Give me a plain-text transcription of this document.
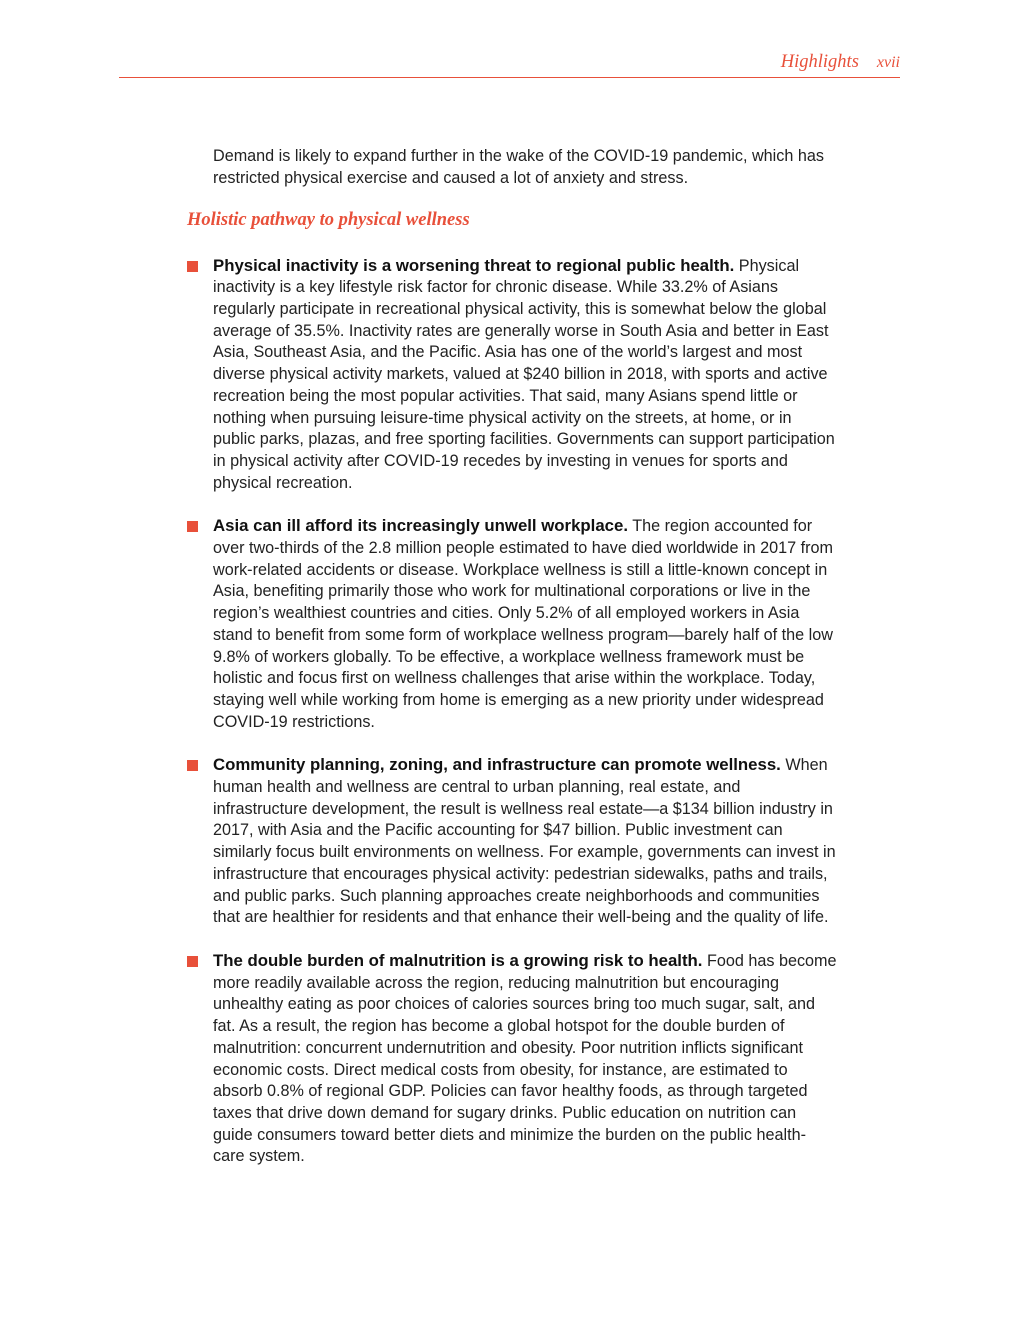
Highlights xvii

Demand is likely to expand further in the wake of the COVID-19 pandemic, which has restricted physical exercise and caused a lot of anxiety and stress.

Holistic pathway to physical wellness

Physical inactivity is a worsening threat to regional public health. Physical inactivity is a key lifestyle risk factor for chronic disease. While 33.2% of Asians regularly participate in recreational physical activity, this is somewhat below the global average of 35.5%. Inactivity rates are generally worse in South Asia and better in East Asia, Southeast Asia, and the Pacific. Asia has one of the world’s largest and most diverse physical activity markets, valued at $240 billion in 2018, with sports and active recreation being the most popular activities. That said, many Asians spend little or nothing when pursuing leisure-time physical activity on the streets, at home, or in public parks, plazas, and free sporting facilities. Governments can support participation in physical activity after COVID-19 recedes by investing in venues for sports and physical recreation.

Asia can ill afford its increasingly unwell workplace. The region accounted for over two-thirds of the 2.8 million people estimated to have died worldwide in 2017 from work-related accidents or disease. Workplace wellness is still a little-known concept in Asia, benefiting primarily those who work for multinational corporations or live in the region’s wealthiest countries and cities. Only 5.2% of all employed workers in Asia stand to benefit from some form of workplace wellness program—barely half of the low 9.8% of workers globally. To be effective, a workplace wellness framework must be holistic and focus first on wellness challenges that arise within the workplace. Today, staying well while working from home is emerging as a new priority under widespread COVID-19 restrictions.

Community planning, zoning, and infrastructure can promote wellness. When human health and wellness are central to urban planning, real estate, and infrastructure development, the result is wellness real estate—a $134 billion industry in 2017, with Asia and the Pacific accounting for $47 billion. Public investment can similarly focus built environments on wellness. For example, governments can invest in infrastructure that encourages physical activity: pedestrian sidewalks, paths and trails, and public parks. Such planning approaches create neighborhoods and communities that are healthier for residents and that enhance their well-being and the quality of life.

The double burden of malnutrition is a growing risk to health. Food has become more readily available across the region, reducing malnutrition but encouraging unhealthy eating as poor choices of calories sources bring too much sugar, salt, and fat. As a result, the region has become a global hotspot for the double burden of malnutrition: concurrent undernutrition and obesity. Poor nutrition inflicts significant economic costs. Direct medical costs from obesity, for instance, are estimated to absorb 0.8% of regional GDP. Policies can favor healthy foods, as through targeted taxes that drive down demand for sugary drinks. Public education on nutrition can guide consumers toward better diets and minimize the burden on the public health-care system.
